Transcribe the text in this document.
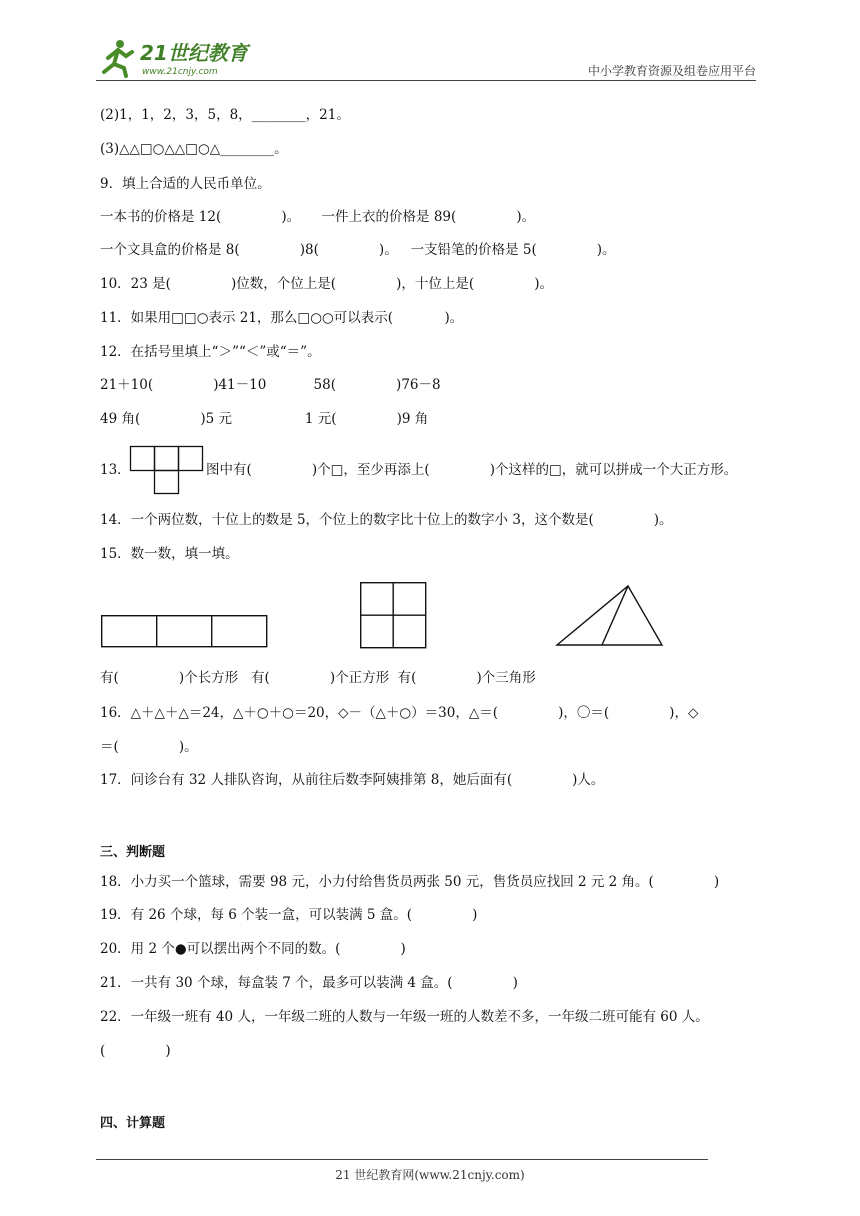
21世纪教育
www.21cnjy.com	中小学教育资源及组卷应用平台
(2)1，1，2，3，5，8，________，21。
(3)△△□○△△□○△________。
9．填上合适的人民币单位。
一本书的价格是 12(              )。     一件上衣的价格是 89(              )。
一个文具盒的价格是 8(              )8(              )。   一支铅笔的价格是 5(              )。
10．23 是(              )位数，个位上是(              )，十位上是(              )。
11．如果用□□○表示 21，那么□○○可以表示(            )。
12．在括号里填上“＞”“＜”或“＝”。
21＋10(              )41－10           58(              )76－8
49 角(              )5 元                 1 元(              )9 角
13．	图中有(              )个□，至少再添上(              )个这样的□，就可以拼成一个大正方形。
14．一个两位数，十位上的数是 5，个位上的数字比十位上的数字小 3，这个数是(              )。
15．数一数，填一填。
有(              )个长方形   有(              )个正方形  有(              )个三角形
16．△＋△＋△＝24，△＋○＋○＝20，◇－（△＋○）＝30，△＝(              )，〇＝(              )，◇
＝(              )。
17．问诊台有 32 人排队咨询，从前往后数李阿姨排第 8，她后面有(              )人。
三、判断题
18．小力买一个篮球，需要 98 元，小力付给售货员两张 50 元，售货员应找回 2 元 2 角。(              )
19．有 26 个球，每 6 个装一盒，可以装满 5 盒。(              )
20．用 2 个●可以摆出两个不同的数。(              )
21．一共有 30 个球，每盒装 7 个，最多可以装满 4 盒。(              )
22．一年级一班有 40 人，一年级二班的人数与一年级一班的人数差不多，一年级二班可能有 60 人。
(              )
四、计算题
21 世纪教育网(www.21cnjy.com)
